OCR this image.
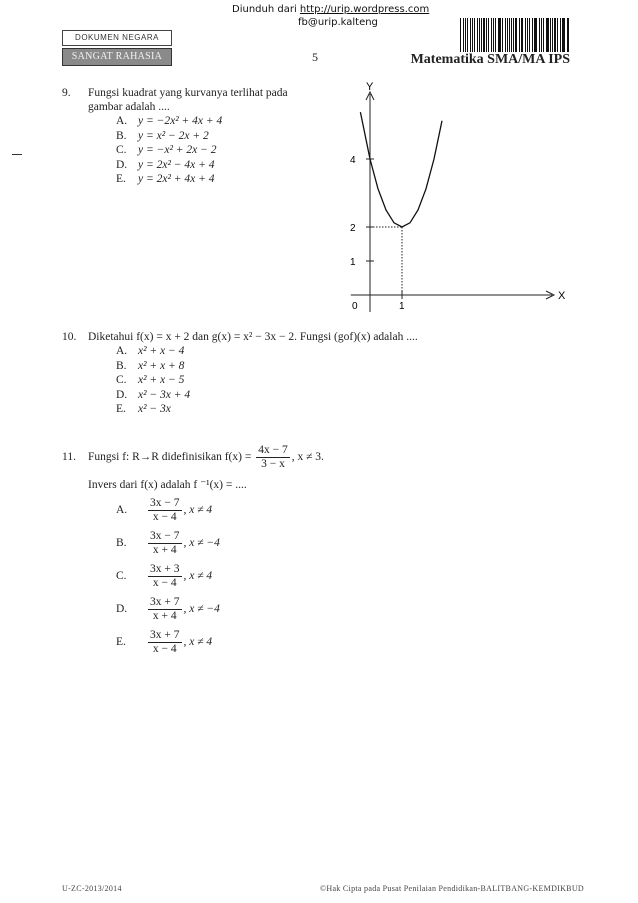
Diunduh dari http://urip.wordpress.com
fb@urip.kalteng
DOKUMEN NEGARA
SANGAT RAHASIA	5	Matematika SMA/MA IPS
9. Fungsi kuadrat yang kurvanya terlihat pada
gambar adalah ....
A. y = −2x² + 4x + 4
B. y = x² − 2x + 2
C. y = −x² + 2x − 2
D. y = 2x² − 4x + 4
E. y = 2x² + 4x + 4
X
Y
1
2
4
0	1
10. Diketahui f(x) = x + 2 dan g(x) = x² − 3x − 2. Fungsi (gof)(x) adalah ....
A. x² + x − 4
B. x² + x + 8
C. x² + x − 5
D. x² − 3x + 4
E. x² − 3x
11. Fungsi f: R→R didefinisikan $f(x) = \frac{4x - 7}{3 - x}$ , x ≠ 3.
Invers dari f(x) adalah f ⁻¹(x) = ....
A.	$\frac{3x - 7}{x - 4}$ , x ≠ 4
B.	$\frac{3x - 7}{x + 4}$ , x ≠ −4
C.	$\frac{3x + 3}{x - 4}$ , x ≠ 4
D.	$\frac{3x + 7}{x + 4}$ , x ≠ −4
E.	$\frac{3x + 7}{x - 4}$ , x ≠ 4
U-ZC-2013/2014	©Hak Cipta pada Pusat Penilaian Pendidikan-BALITBANG-KEMDIKBUD
